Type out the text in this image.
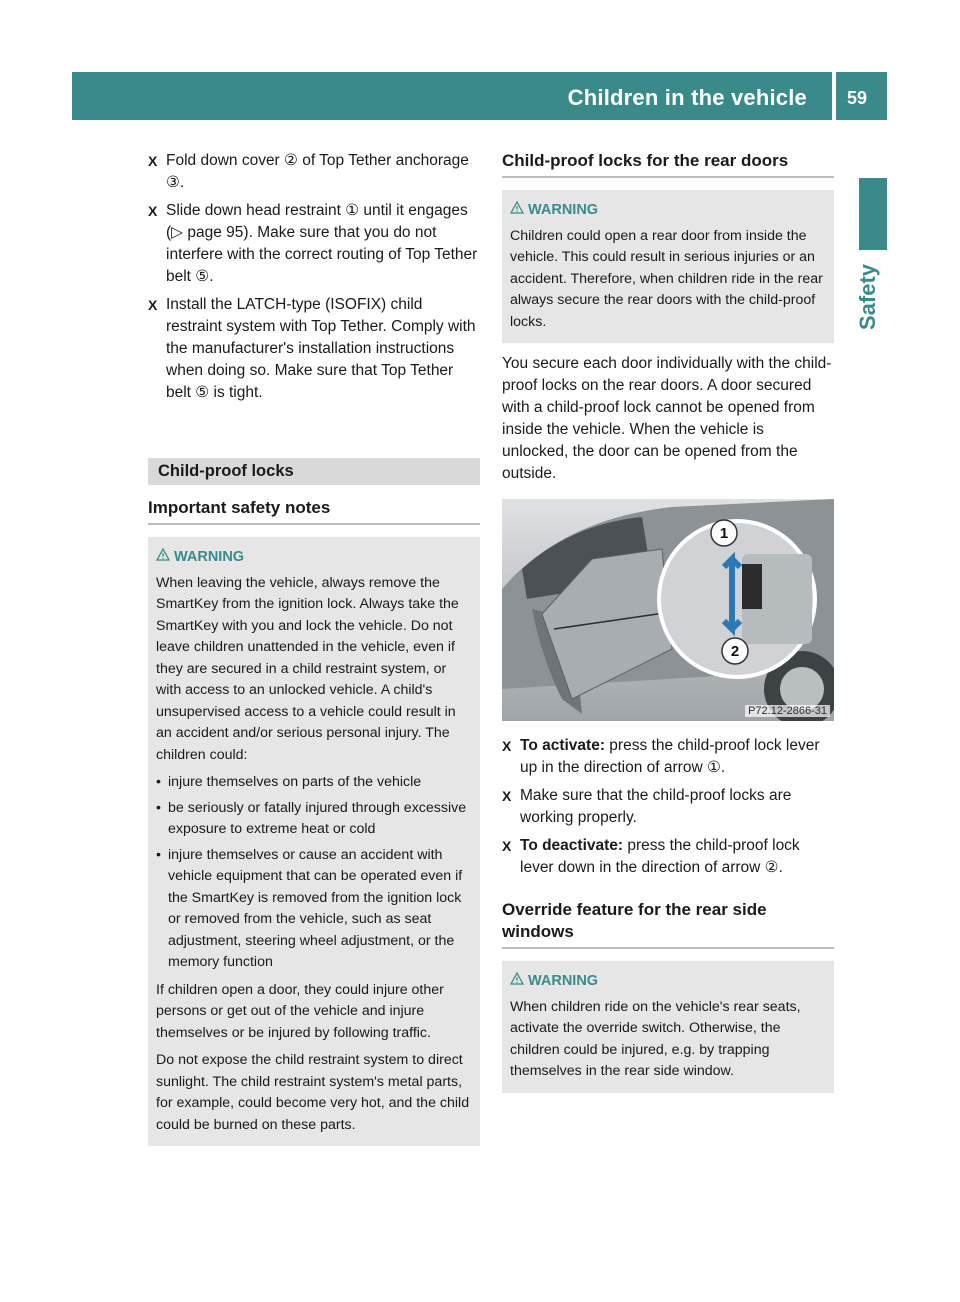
Children in the vehicle 59
Safety
X Fold down cover ② of Top Tether anchorage ③.
X Slide down head restraint ① until it engages (▷ page 95). Make sure that you do not interfere with the correct routing of Top Tether belt ⑤.
X Install the LATCH-type (ISOFIX) child restraint system with Top Tether. Comply with the manufacturer's installation instructions when doing so. Make sure that Top Tether belt ⑤ is tight.
Child-proof locks
Important safety notes
WARNING

When leaving the vehicle, always remove the SmartKey from the ignition lock. Always take the SmartKey with you and lock the vehicle. Do not leave children unattended in the vehicle, even if they are secured in a child restraint system, or with access to an unlocked vehicle. A child's unsupervised access to a vehicle could result in an accident and/or serious personal injury. The children could:

• injure themselves on parts of the vehicle
• be seriously or fatally injured through excessive exposure to extreme heat or cold
• injure themselves or cause an accident with vehicle equipment that can be operated even if the SmartKey is removed from the ignition lock or removed from the vehicle, such as seat adjustment, steering wheel adjustment, or the memory function

If children open a door, they could injure other persons or get out of the vehicle and injure themselves or be injured by following traffic.

Do not expose the child restraint system to direct sunlight. The child restraint system's metal parts, for example, could become very hot, and the child could be burned on these parts.

Child-proof locks for the rear doors
WARNING

Children could open a rear door from inside the vehicle. This could result in serious injuries or an accident. Therefore, when children ride in the rear always secure the rear doors with the child-proof locks.

You secure each door individually with the child-proof locks on the rear doors. A door secured with a child-proof lock cannot be opened from inside the vehicle. When the vehicle is unlocked, the door can be opened from the outside.

1
2
P72.12-2866-31
X To activate: press the child-proof lock lever up in the direction of arrow ①.
X Make sure that the child-proof locks are working properly.
X To deactivate: press the child-proof lock lever down in the direction of arrow ②.
Override feature for the rear side windows
WARNING

When children ride on the vehicle's rear seats, activate the override switch. Otherwise, the children could be injured, e.g. by trapping themselves in the rear side window.
